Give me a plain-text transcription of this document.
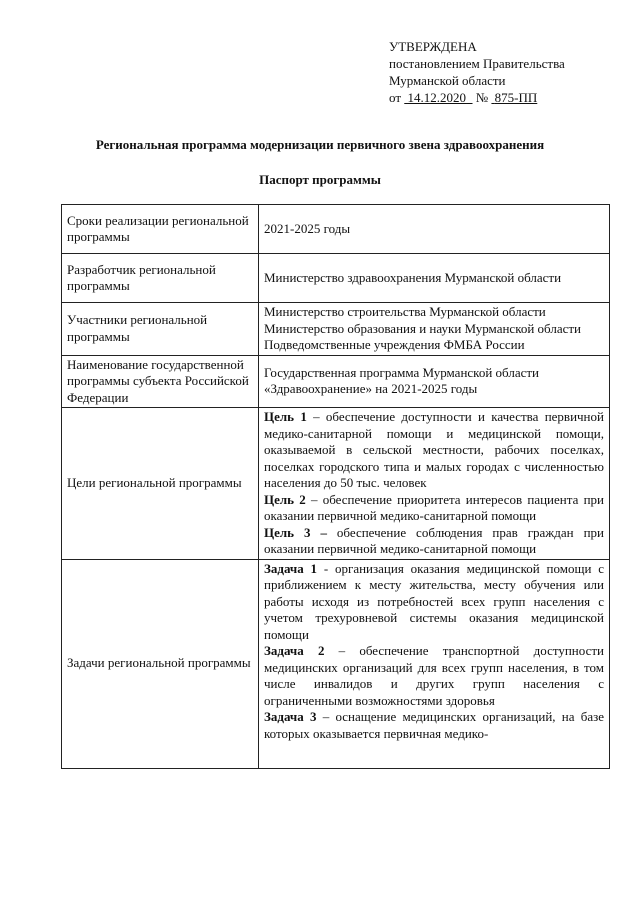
УТВЕРЖДЕНА
постановлением Правительства
Мурманской области
от  14.12.2020   №  875-ПП
Региональная программа модернизации первичного звена здравоохранения
Паспорт программы
Сроки реализации региональной программы	2021-2025 годы
Разработчик региональной программы	Министерство здравоохранения Мурманской области
Участники региональной программы	Министерство строительства Мурманской области
Министерство образования и науки Мурманской области
Подведомственные учреждения ФМБА России

Наименование государственной программы субъекта Российской Федерации	Государственная программа Мурманской области «Здравоохранение» на 2021-2025 годы
Цели региональной программы	Цель 1 – обеспечение доступности и качества первичной медико-санитарной помощи и медицинской помощи, оказываемой в сельской местности, рабочих поселках, поселках городского типа и малых городах с численностью населения до 50 тыс. человек
Цель 2 – обеспечение приоритета интересов пациента при оказании первичной медико-санитарной помощи
Цель 3 – обеспечение соблюдения прав граждан при оказании первичной медико-санитарной помощи

Задачи региональной программы	Задача 1 - организация оказания медицинской помощи с приближением к месту жительства, месту обучения или работы исходя из потребностей всех групп населения с учетом трехуровневой системы оказания медицинской помощи
Задача 2 – обеспечение транспортной доступности медицинских организаций для всех групп населения, в том числе инвалидов и других групп населения с ограниченными возможностями здоровья
Задача 3 – оснащение медицинских организаций, на базе которых оказывается первичная медико-
